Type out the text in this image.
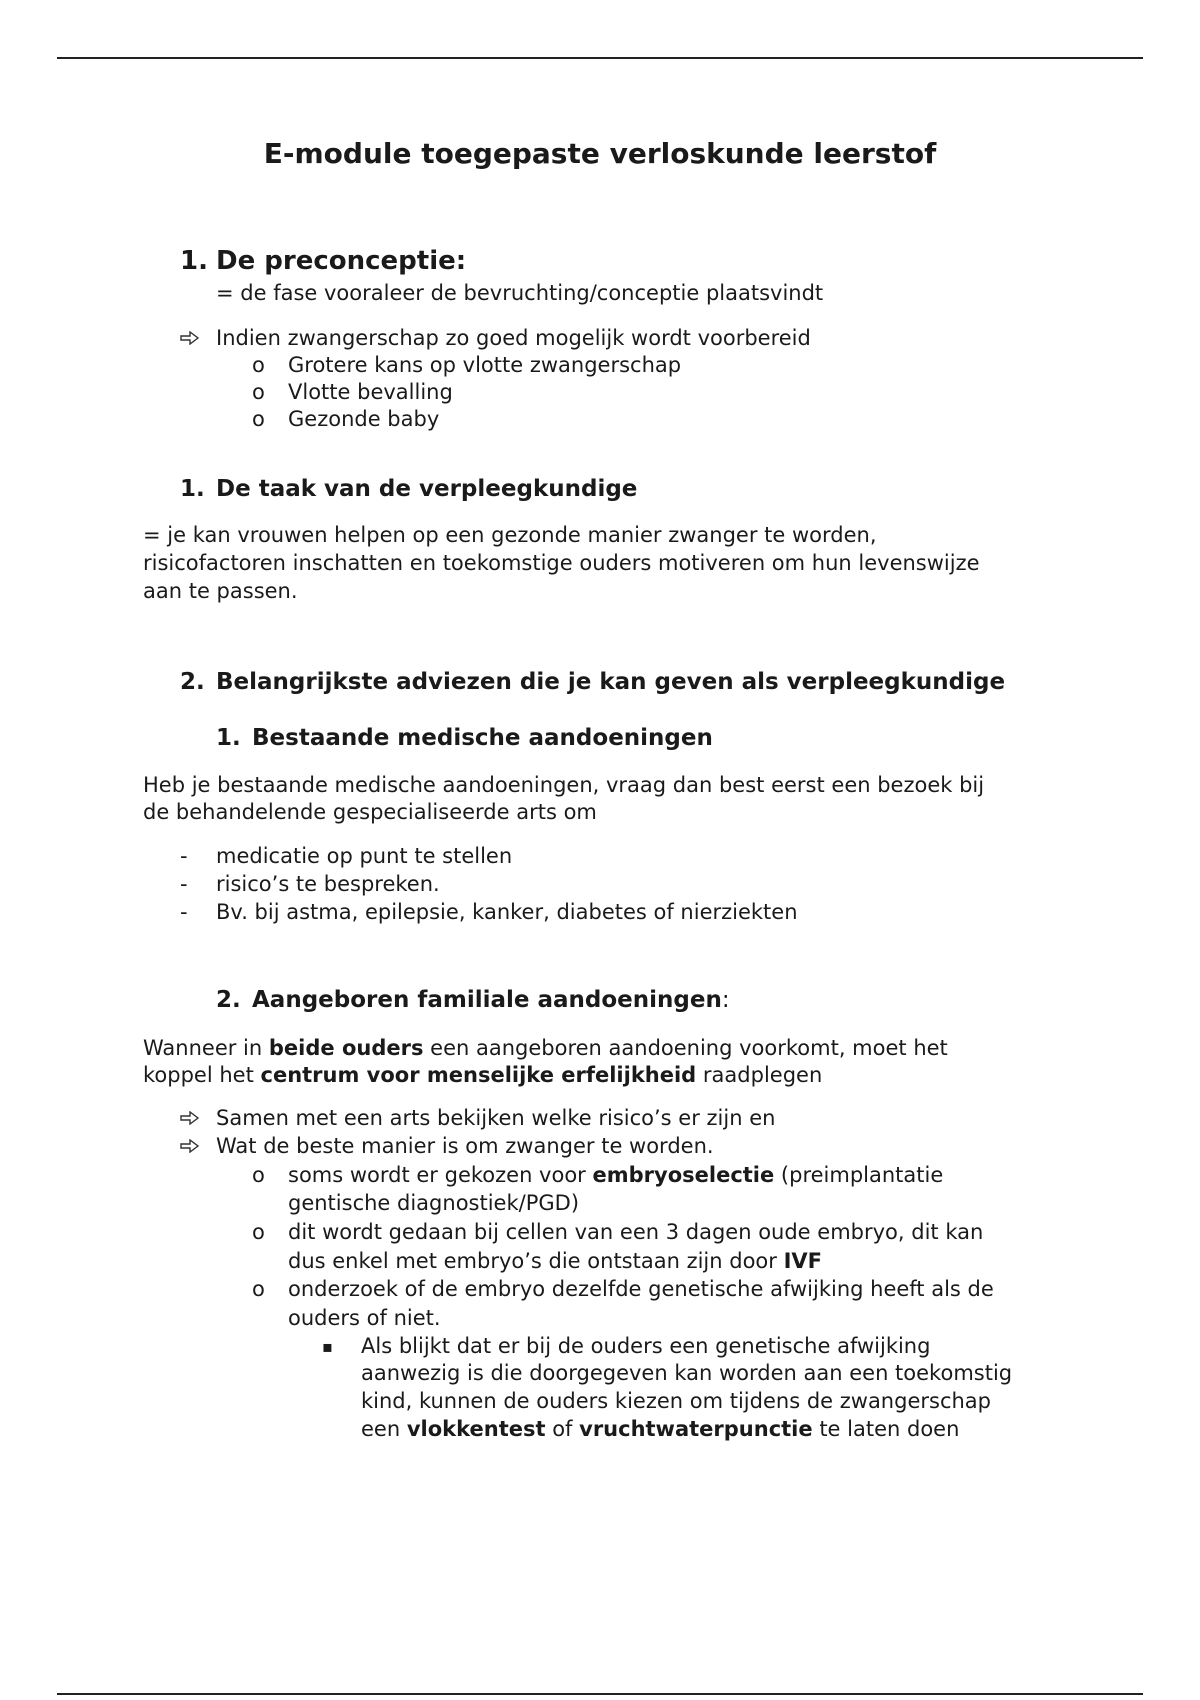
E-module toegepaste verloskunde leerstof
1. De preconceptie:
= de fase vooraleer de bevruchting/conceptie plaatsvindt
Indien zwangerschap zo goed mogelijk wordt voorbereid
o Grotere kans op vlotte zwangerschap
o Vlotte bevalling
o Gezonde baby
1. De taak van de verpleegkundige
= je kan vrouwen helpen op een gezonde manier zwanger te worden,
risicofactoren inschatten en toekomstige ouders motiveren om hun levenswijze
aan te passen.
2. Belangrijkste adviezen die je kan geven als verpleegkundige
1. Bestaande medische aandoeningen
Heb je bestaande medische aandoeningen, vraag dan best eerst een bezoek bij
de behandelende gespecialiseerde arts om
- medicatie op punt te stellen
- risico’s te bespreken.
- Bv. bij astma, epilepsie, kanker, diabetes of nierziekten
2. Aangeboren familiale aandoeningen:
Wanneer in beide ouders een aangeboren aandoening voorkomt, moet het
koppel het centrum voor menselijke erfelijkheid raadplegen
Samen met een arts bekijken welke risico’s er zijn en
Wat de beste manier is om zwanger te worden.
o soms wordt er gekozen voor embryoselectie (preimplantatie
gentische diagnostiek/PGD)
o dit wordt gedaan bij cellen van een 3 dagen oude embryo, dit kan
dus enkel met embryo’s die ontstaan zijn door IVF
o onderzoek of de embryo dezelfde genetische afwijking heeft als de
ouders of niet.
▪ Als blijkt dat er bij de ouders een genetische afwijking
aanwezig is die doorgegeven kan worden aan een toekomstig
kind, kunnen de ouders kiezen om tijdens de zwangerschap
een vlokkentest of vruchtwaterpunctie te laten doen
